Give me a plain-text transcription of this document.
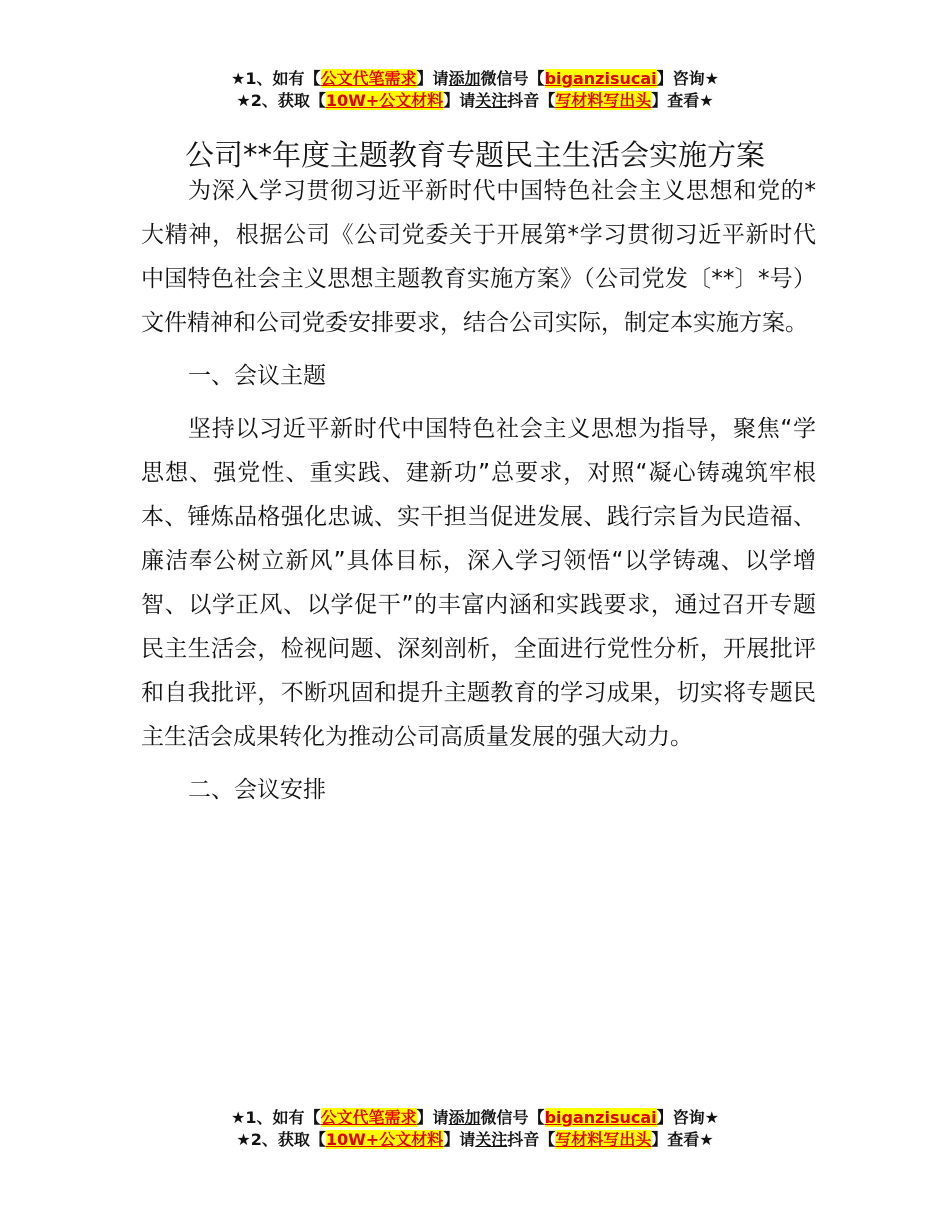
★1、如有【公文代笔需求】请添加微信号【biganzisucai】咨询★
★2、获取【10W+公文材料】请关注抖音【写材料写出头】查看★
公司**年度主题教育专题民主生活会实施方案

为深入学习贯彻习近平新时代中国特色社会主义思想和党的*大精神，根据公司《公司党委关于开展第*学习贯彻习近平新时代中国特色社会主义思想主题教育实施方案》（公司党发〔**〕*号）文件精神和公司党委安排要求，结合公司实际，制定本实施方案。

一、会议主题

坚持以习近平新时代中国特色社会主义思想为指导，聚焦“学思想、强党性、重实践、建新功”总要求，对照“凝心铸魂筑牢根本、锤炼品格强化忠诚、实干担当促进发展、践行宗旨为民造福、廉洁奉公树立新风”具体目标，深入学习领悟“以学铸魂、以学增智、以学正风、以学促干”的丰富内涵和实践要求，通过召开专题民主生活会，检视问题、深刻剖析，全面进行党性分析，开展批评和自我批评，不断巩固和提升主题教育的学习成果，切实将专题民主生活会成果转化为推动公司高质量发展的强大动力。

二、会议安排

★1、如有【公文代笔需求】请添加微信号【biganzisucai】咨询★
★2、获取【10W+公文材料】请关注抖音【写材料写出头】查看★
